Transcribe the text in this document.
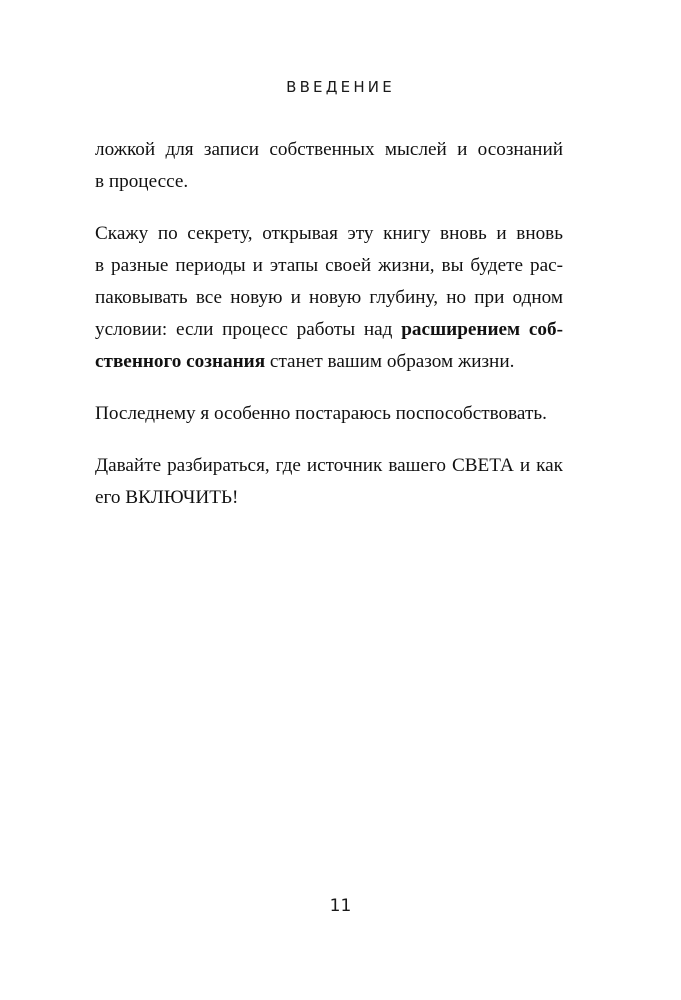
ВВЕДЕНИЕ

ложкой для записи собственных мыслей и осознаний
в процессе.

Скажу по секрету, открывая эту книгу вновь и вновь
в разные периоды и этапы своей жизни, вы будете рас-
паковывать все новую и новую глубину, но при одном
условии: если процесс работы над расширением соб-
ственного сознания станет вашим образом жизни.

Последнему я особенно постараюсь поспособствовать.

Давайте разбираться, где источник вашего СВЕТА и как
его ВКЛЮЧИТЬ!

11
